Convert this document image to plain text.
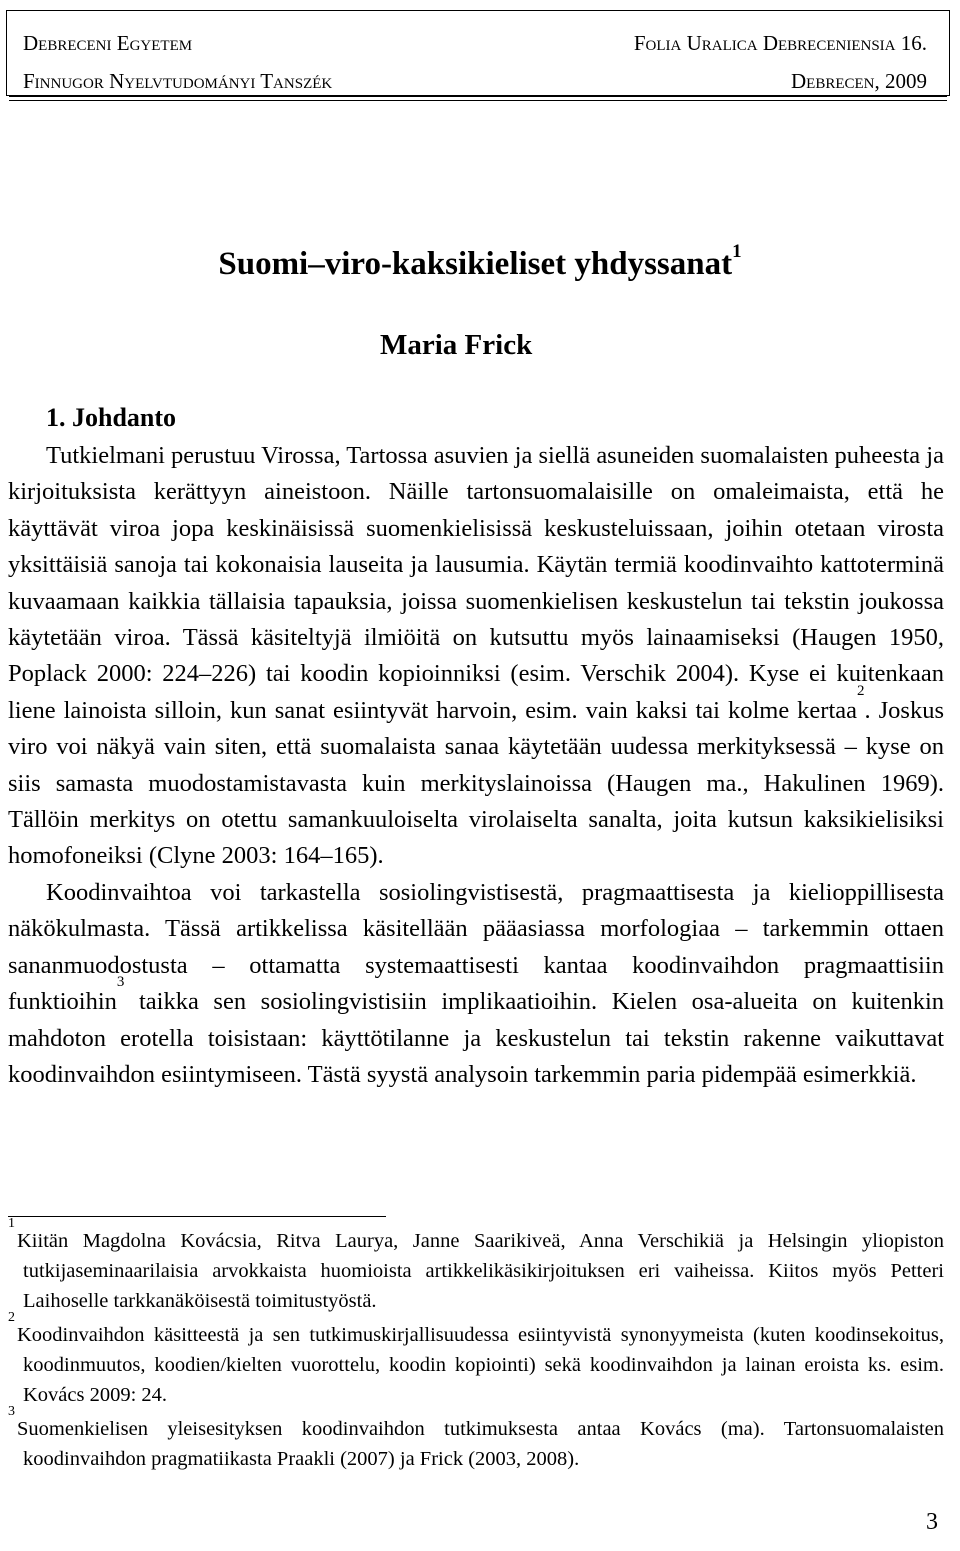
Debreceni Egyetem	Folia Uralica Debreceniensia 16.
Finnugor Nyelvtudományi Tanszék	Debrecen, 2009
Suomi–viro-kaksikieliset yhdyssanat$^1$
Maria Frick
1. Johdanto

Tutkielmani perustuu Virossa, Tartossa asuvien ja siellä asuneiden suomalaisten puheesta ja kirjoituksista kerättyyn aineistoon. Näille tartonsuomalaisille on omaleimaista, että he käyttävät viroa jopa keskinäisissä suomenkielisissä keskusteluissaan, joihin otetaan virosta yksittäisiä sanoja tai kokonaisia lauseita ja lausumia. Käytän termiä koodinvaihto kattoterminä kuvaamaan kaikkia tällaisia tapauksia, joissa suomenkielisen keskustelun tai tekstin joukossa käytetään viroa. Tässä käsiteltyjä ilmiöitä on kutsuttu myös lainaamiseksi (Haugen 1950, Poplack 2000: 224–226) tai koodin kopioinniksi (esim. Verschik 2004). Kyse ei kuitenkaan liene lainoista silloin, kun sanat esiintyvät harvoin, esim. vain kaksi tai kolme kertaa$^2$. Joskus viro voi näkyä vain siten, että suomalaista sanaa käytetään uudessa merkityksessä – kyse on siis samasta muodostamistavasta kuin merkityslainoissa (Haugen ma., Hakulinen 1969). Tällöin merkitys on otettu samankuuloiselta virolaiselta sanalta, joita kutsun kaksikielisiksi homofoneiksi (Clyne 2003: 164–165).

Koodinvaihtoa voi tarkastella sosiolingvistisestä, pragmaattisesta ja kielioppillisesta näkökulmasta. Tässä artikkelissa käsitellään pääasiassa morfologiaa – tarkemmin ottaen sananmuodostusta – ottamatta systemaattisesti kantaa koodinvaihdon pragmaattisiin funktioihin$^3$ taikka sen sosiolingvistisiin implikaatioihin. Kielen osa-alueita on kuitenkin mahdoton erotella toisistaan: käyttötilanne ja keskustelun tai tekstin rakenne vaikuttavat koodinvaihdon esiintymiseen. Tästä syystä analysoin tarkemmin paria pidempää esimerkkiä.

$^1$Kiitän Magdolna Kovácsia, Ritva Laurya, Janne Saarikiveä, Anna Verschikiä ja Helsingin yliopiston tutkijaseminaarilaisia arvokkaista huomioista artikkelikäsikirjoituksen eri vaiheissa. Kiitos myös Petteri Laihoselle tarkkanäköisestä toimitustyöstä.

$^2$Koodinvaihdon käsitteestä ja sen tutkimuskirjallisuudessa esiintyvistä synonyymeista (kuten koodinsekoitus, koodinmuutos, koodien/kielten vuorottelu, koodin kopiointi) sekä koodinvaihdon ja lainan eroista ks. esim. Kovács 2009: 24.

$^3$Suomenkielisen yleisesityksen koodinvaihdon tutkimuksesta antaa Kovács (ma). Tartonsuomalaisten koodinvaihdon pragmatiikasta Praakli (2007) ja Frick (2003, 2008).

3
